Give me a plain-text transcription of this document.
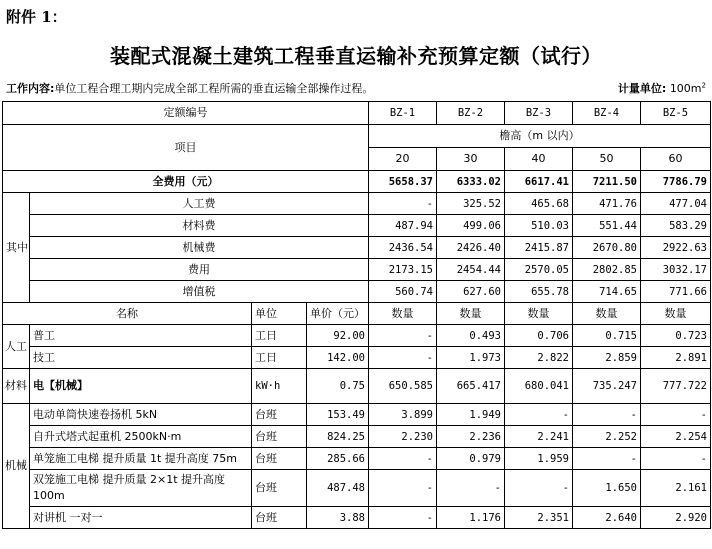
附件 1：
装配式混凝土建筑工程垂直运输补充预算定额（试行）
工作内容:单位工程合理工期内完成全部工程所需的垂直运输全部操作过程。	计量单位: $100m^2$
定额编号				BZ-1	BZ-2	BZ-3	BZ-4	BZ-5
项目				檐高（m 以内）				
				20	30	40	50	60
全费用（元）				5658.37	6333.02	6617.41	7211.50	7786.79
其中	人工费			-	325.52	465.68	471.76	477.04
	材料费			487.94	499.06	510.03	551.44	583.29
	机械费			2436.54	2426.40	2415.87	2670.80	2922.63
	费用			2173.15	2454.44	2570.05	2802.85	3032.17
	增值税			560.74	627.60	655.78	714.65	771.66
名称		单位	单价（元）	数量	数量	数量	数量	数量
人工	普工	工日	92.00	-	0.493	0.706	0.715	0.723
	技工	工日	142.00	-	1.973	2.822	2.859	2.891
材料	电【机械】	kW·h	0.75	650.585	665.417	680.041	735.247	777.722
机械	电动单筒快速卷扬机 5kN	台班	153.49	3.899	1.949	-	-	-
	自升式塔式起重机 2500kN·m	台班	824.25	2.230	2.236	2.241	2.252	2.254
	单笼施工电梯 提升质量 1t 提升高度 75m	台班	285.66	-	0.979	1.959	-	-
	双笼施工电梯 提升质量 2×1t 提升高度 100m	台班	487.48	-	-	-	1.650	2.161
	对讲机 一对一	台班	3.88	-	1.176	2.351	2.640	2.920
